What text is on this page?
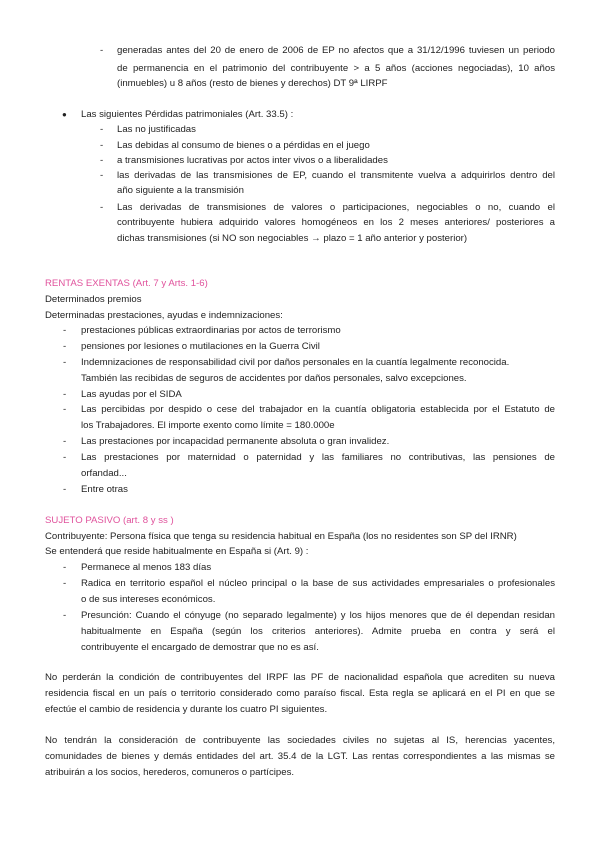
- generadas antes del 20 de enero de 2006 de EP no afectos que a 31/12/1996 tuviesen un periodo
de permanencia en el patrimonio del contribuyente > a 5 años (acciones negociadas), 10 años
(inmuebles) u 8 años (resto de bienes y derechos) DT 9ª LIRPF
● Las siguientes Pérdidas patrimoniales (Art. 33.5) :
- Las no justificadas
- Las debidas al consumo de bienes o a pérdidas en el juego
- a transmisiones lucrativas por actos inter vivos o a liberalidades
- las derivadas de las transmisiones de EP, cuando el transmitente vuelva a adquirirlos dentro del
año siguiente a la transmisión
- Las derivadas de transmisiones de valores o participaciones, negociables o no, cuando el
contribuyente hubiera adquirido valores homogéneos en los 2 meses anteriores/ posteriores a
dichas transmisiones (si NO son negociables → plazo = 1 año anterior y posterior)
RENTAS EXENTAS (Art. 7 y Arts. 1-6)
Determinados premios
Determinadas prestaciones, ayudas e indemnizaciones:
- prestaciones públicas extraordinarias por actos de terrorismo
- pensiones por lesiones o mutilaciones en la Guerra Civil
- Indemnizaciones de responsabilidad civil por daños personales en la cuantía legalmente reconocida.
También las recibidas de seguros de accidentes por daños personales, salvo excepciones.
- Las ayudas por el SIDA
- Las percibidas por despido o cese del trabajador en la cuantía obligatoria establecida por el Estatuto de
los Trabajadores. El importe exento como límite = 180.000e
- Las prestaciones por incapacidad permanente absoluta o gran invalidez.
- Las prestaciones por maternidad o paternidad y las familiares no contributivas, las pensiones de
orfandad...
- Entre otras
SUJETO PASIVO (art. 8 y ss )
Contribuyente: Persona física que tenga su residencia habitual en España (los no residentes son SP del IRNR)
Se entenderá que reside habitualmente en España si (Art. 9) :
- Permanece al menos 183 días
- Radica en territorio español el núcleo principal o la base de sus actividades empresariales o profesionales
o de sus intereses económicos.
- Presunción: Cuando el cónyuge (no separado legalmente) y los hijos menores que de él dependan residan
habitualmente en España (según los criterios anteriores). Admite prueba en contra y será el
contribuyente el encargado de demostrar que no es así.
No perderán la condición de contribuyentes del IRPF las PF de nacionalidad española que acrediten su nueva
residencia fiscal en un país o territorio considerado como paraíso fiscal. Esta regla se aplicará en el PI en que se
efectúe el cambio de residencia y durante los cuatro PI siguientes.
No tendrán la consideración de contribuyente las sociedades civiles no sujetas al IS, herencias yacentes,
comunidades de bienes y demás entidades del art. 35.4 de la LGT. Las rentas correspondientes a las mismas se
atribuirán a los socios, herederos, comuneros o partícipes.
